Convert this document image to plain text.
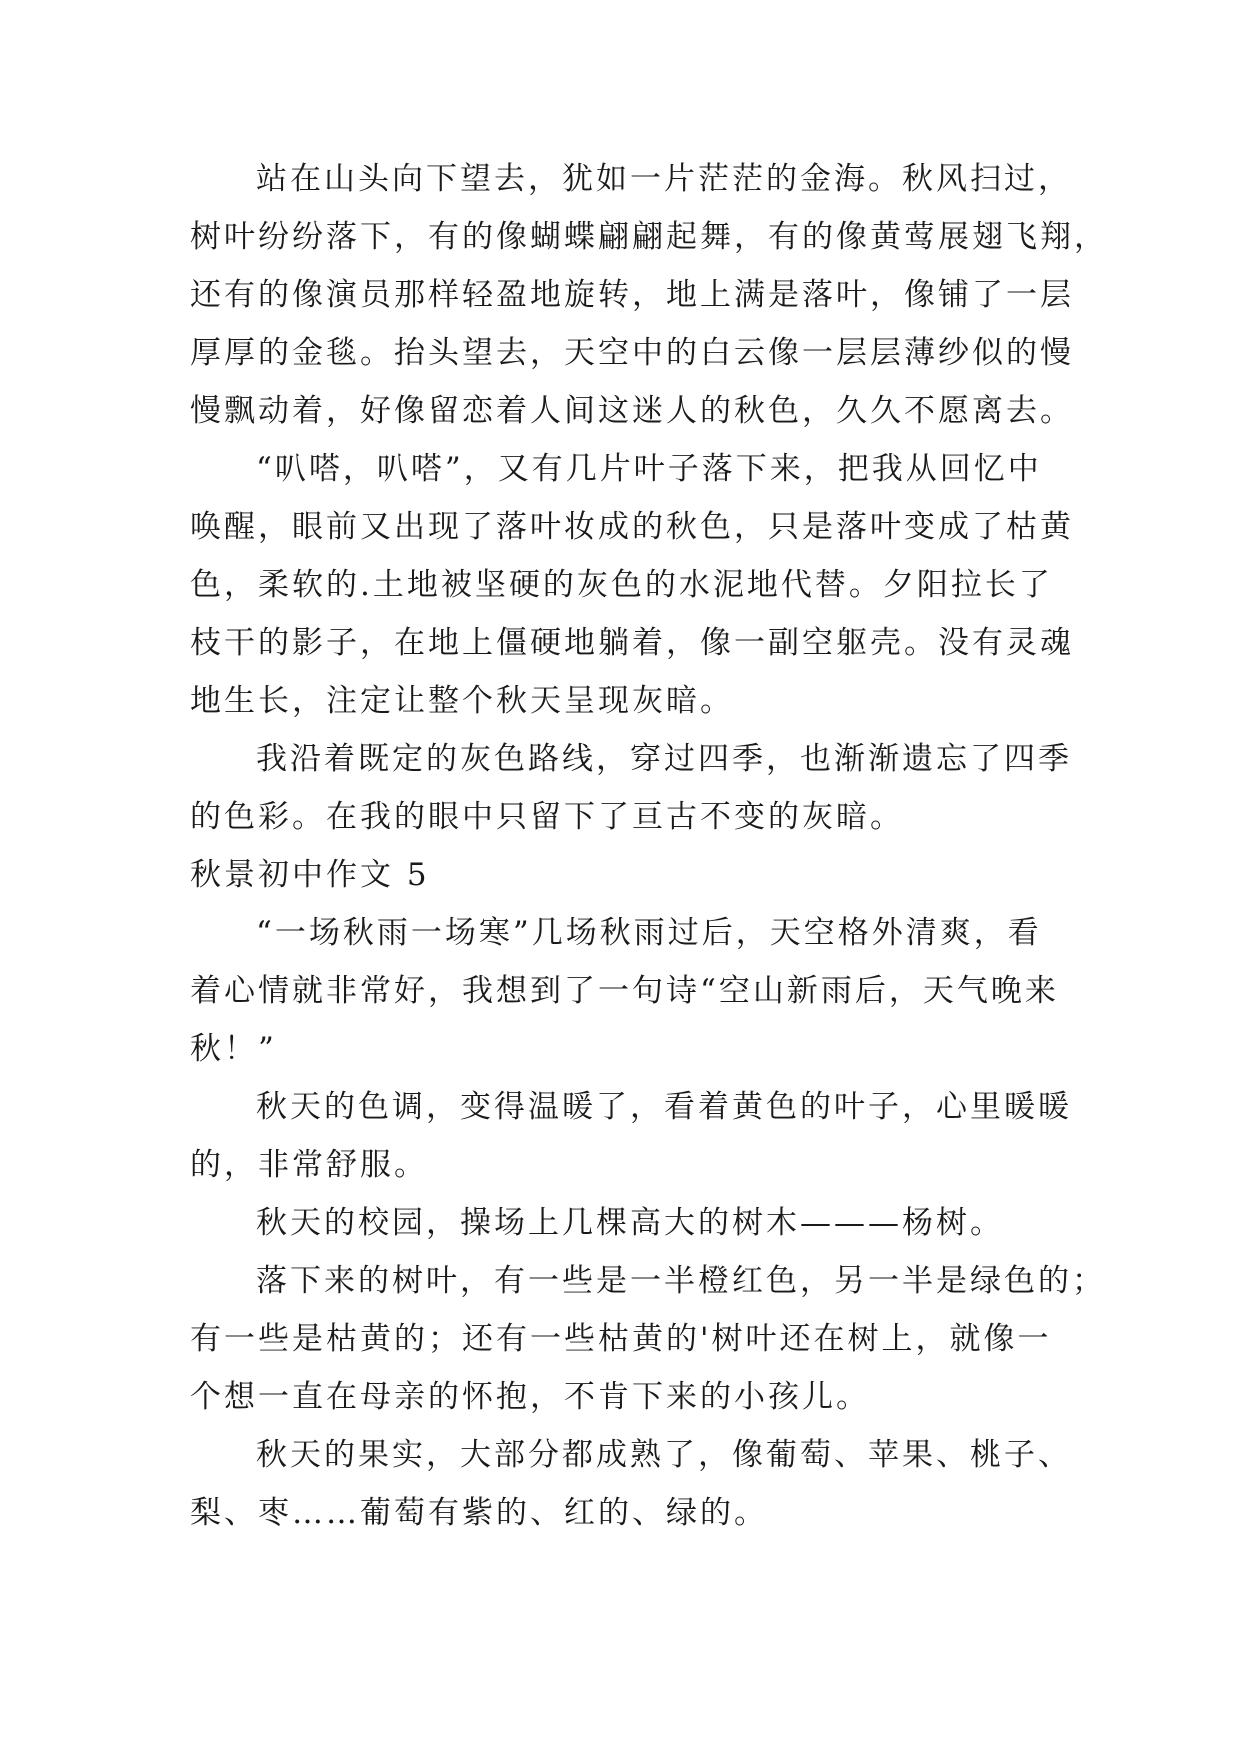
站在山头向下望去，犹如一片茫茫的金海。秋风扫过，
树叶纷纷落下，有的像蝴蝶翩翩起舞，有的像黄莺展翅飞翔，
还有的像演员那样轻盈地旋转，地上满是落叶，像铺了一层
厚厚的金毯。抬头望去，天空中的白云像一层层薄纱似的慢
慢飘动着，好像留恋着人间这迷人的秋色，久久不愿离去。
“叭嗒，叭嗒”，又有几片叶子落下来，把我从回忆中
唤醒，眼前又出现了落叶妆成的秋色，只是落叶变成了枯黄
色，柔软的.土地被坚硬的灰色的水泥地代替。夕阳拉长了
枝干的影子，在地上僵硬地躺着，像一副空躯壳。没有灵魂
地生长，注定让整个秋天呈现灰暗。
我沿着既定的灰色路线，穿过四季，也渐渐遗忘了四季
的色彩。在我的眼中只留下了亘古不变的灰暗。
秋景初中作文 5
“一场秋雨一场寒”几场秋雨过后，天空格外清爽，看
着心情就非常好，我想到了一句诗“空山新雨后，天气晚来
秋！”
秋天的色调，变得温暖了，看着黄色的叶子，心里暖暖
的，非常舒服。
秋天的校园，操场上几棵高大的树木———杨树。
落下来的树叶，有一些是一半橙红色，另一半是绿色的；
有一些是枯黄的；还有一些枯黄的'树叶还在树上，就像一
个想一直在母亲的怀抱，不肯下来的小孩儿。
秋天的果实，大部分都成熟了，像葡萄、苹果、桃子、
梨、枣……葡萄有紫的、红的、绿的。
